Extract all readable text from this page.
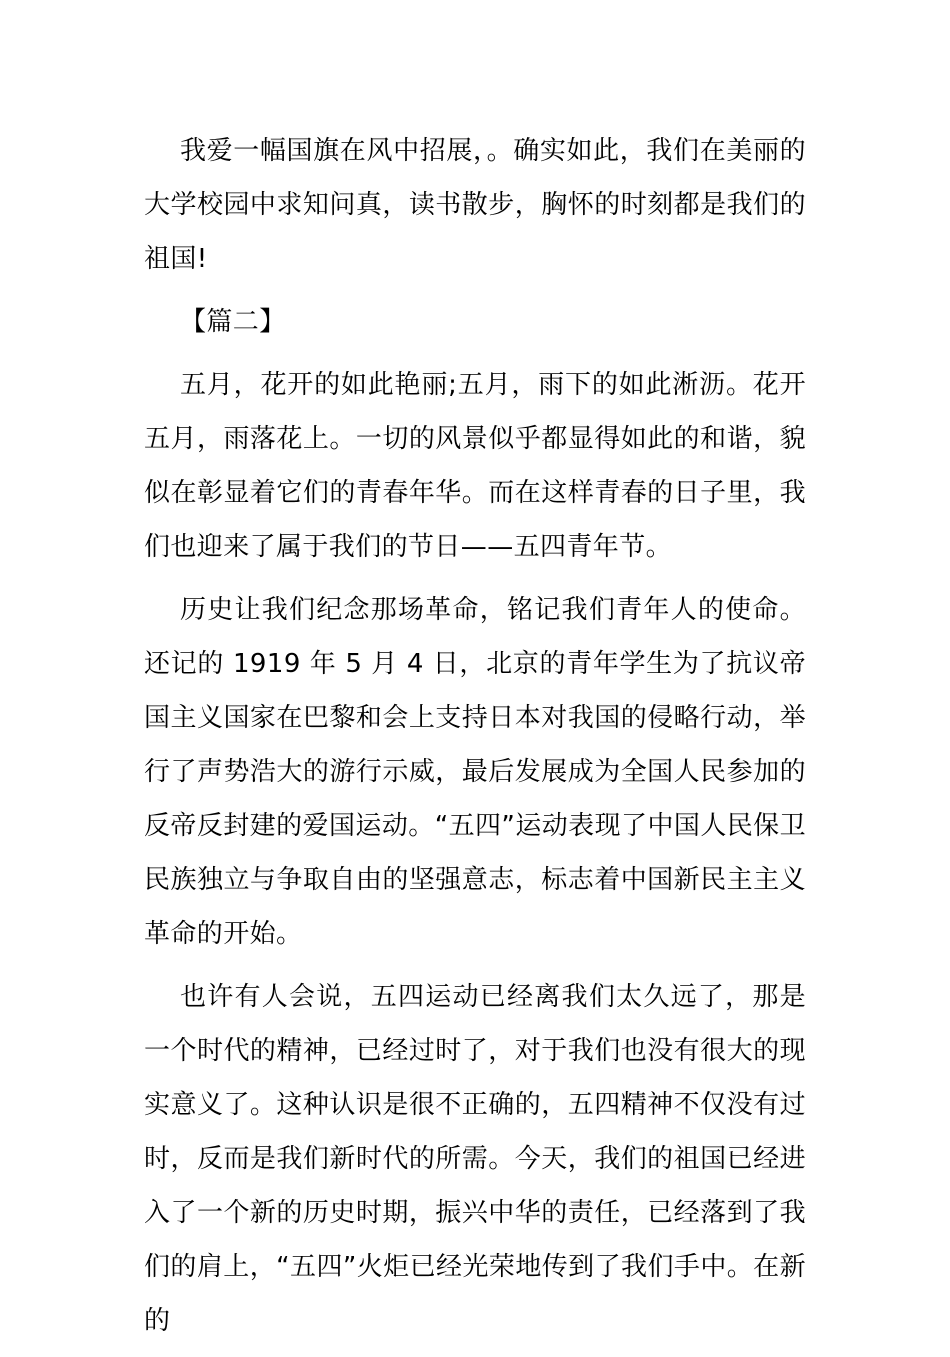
我爱一幅国旗在风中招展，。确实如此，我们在美丽的大学校园中求知问真，读书散步，胸怀的时刻都是我们的祖国!

【篇二】

五月，花开的如此艳丽;五月，雨下的如此淅沥。花开五月，雨落花上。一切的风景似乎都显得如此的和谐，貌似在彰显着它们的青春年华。而在这样青春的日子里，我们也迎来了属于我们的节日——五四青年节。

历史让我们纪念那场革命，铭记我们青年人的使命。还记的 1919 年 5 月 4 日，北京的青年学生为了抗议帝国主义国家在巴黎和会上支持日本对我国的侵略行动，举行了声势浩大的游行示威，最后发展成为全国人民参加的反帝反封建的爱国运动。“五四”运动表现了中国人民保卫民族独立与争取自由的坚强意志，标志着中国新民主主义革命的开始。

也许有人会说，五四运动已经离我们太久远了，那是一个时代的精神，已经过时了，对于我们也没有很大的现实意义了。这种认识是很不正确的，五四精神不仅没有过时，反而是我们新时代的所需。今天，我们的祖国已经进入了一个新的历史时期，振兴中华的责任，已经落到了我们的肩上，“五四”火炬已经光荣地传到了我们手中。在新的
